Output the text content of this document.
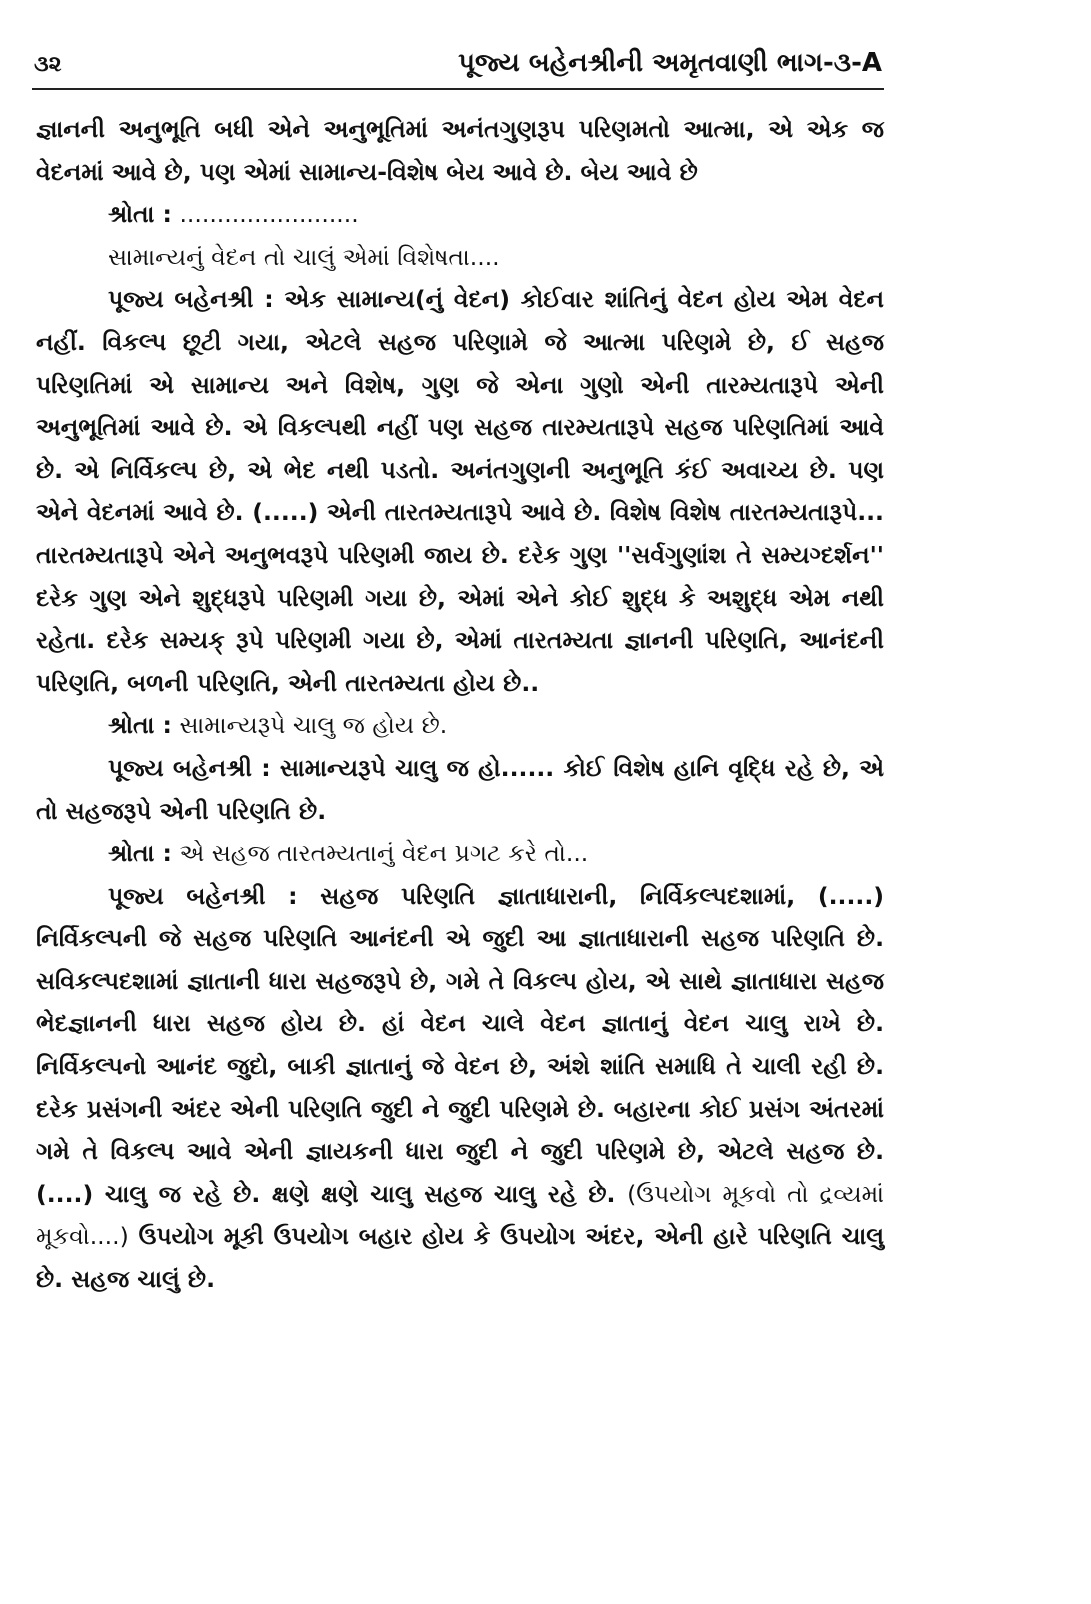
૩૨	પૂજ્ય બહેનશ્રીની અમૃતવાણી ભાગ-૩-A

જ્ઞાનની અનુભૂતિ બધી એને અનુભૂતિમાં અનંતગુણરૂપ પરિણમતો આત્મા, એ એક જ વેદનમાં આવે છે, પણ એમાં સામાન્ય-વિશેષ બેય આવે છે. બેય આવે છે

શ્રોતા : ........................

સામાન્યનું વેદન તો ચાલું એમાં વિશેષતા....

પૂજ્ય બહેનશ્રી : એક સામાન્ય(નું વેદન) કોઈવાર શાંતિનું વેદન હોય એમ વેદન નહીં. વિકલ્પ છૂટી ગયા, એટલે સહજ પરિણામે જે આત્મા પરિણમે છે, ઈ સહજ પરિણતિમાં એ સામાન્ય અને વિશેષ, ગુણ જે એના ગુણો એની તારમ્યતારૂપે એની અનુભૂતિમાં આવે છે. એ વિકલ્પથી નહીં પણ સહજ તારમ્યતારૂપે સહજ પરિણતિમાં આવે છે. એ નિર્વિકલ્પ છે, એ ભેદ નથી પડતો. અનંતગુણની અનુભૂતિ કંઈ અવાચ્ય છે. પણ એને વેદનમાં આવે છે. (.....) એની તારતમ્યતારૂપે આવે છે. વિશેષ વિશેષ તારતમ્યતારૂપે... તારતમ્યતારૂપે એને અનુભવરૂપે પરિણમી જાય છે. દરેક ગુણ ''સર્વગુણાંશ તે સમ્યગ્દર્શન'' દરેક ગુણ એને શુદ્ધરૂપે પરિણમી ગયા છે, એમાં એને કોઈ શુદ્ધ કે અશુદ્ધ એમ નથી રહેતા. દરેક સમ્યક્ રૂપે પરિણમી ગયા છે, એમાં તારતમ્યતા જ્ઞાનની પરિણતિ, આનંદની પરિણતિ, બળની પરિણતિ, એની તારતમ્યતા હોય છે..

શ્રોતા : સામાન્યરૂપે ચાલુ જ હોય છે.

પૂજ્ય બહેનશ્રી : સામાન્યરૂપે ચાલુ જ હો...... કોઈ વિશેષ હાનિ વૃદ્ધિ રહે છે, એ તો સહજરૂપે એની પરિણતિ છે.

શ્રોતા : એ સહજ તારતમ્યતાનું વેદન પ્રગટ કરે તો...

પૂજ્ય બહેનશ્રી : સહજ પરિણતિ જ્ઞાતાધારાની, નિર્વિકલ્પદશામાં, (.....) નિર્વિકલ્પની જે સહજ પરિણતિ આનંદની એ જુદી આ જ્ઞાતાધારાની સહજ પરિણતિ છે. સવિકલ્પદશામાં જ્ઞાતાની ધારા સહજરૂપે છે, ગમે તે વિકલ્પ હોય, એ સાથે જ્ઞાતાધારા સહજ ભેદજ્ઞાનની ધારા સહજ હોય છે. હાં વેદન ચાલે વેદન જ્ઞાતાનું વેદન ચાલુ રાખે છે. નિર્વિકલ્પનો આનંદ જુદો, બાકી જ્ઞાતાનું જે વેદન છે, અંશે શાંતિ સમાધિ તે ચાલી રહી છે. દરેક પ્રસંગની અંદર એની પરિણતિ જુદી ને જુદી પરિણમે છે. બહારના કોઈ પ્રસંગ અંતરમાં ગમે તે વિકલ્પ આવે એની જ્ઞાયકની ધારા જુદી ને જુદી પરિણમે છે, એટલે સહજ છે. (....) ચાલુ જ રહે છે. ક્ષણે ક્ષણે ચાલુ સહજ ચાલુ રહે છે. (ઉપયોગ મૂકવો તો દ્રવ્યમાં મૂકવો....) ઉપયોગ મૂકી ઉપયોગ બહાર હોય કે ઉપયોગ અંદર, એની હારે પરિણતિ ચાલુ છે. સહજ ચાલું છે.
